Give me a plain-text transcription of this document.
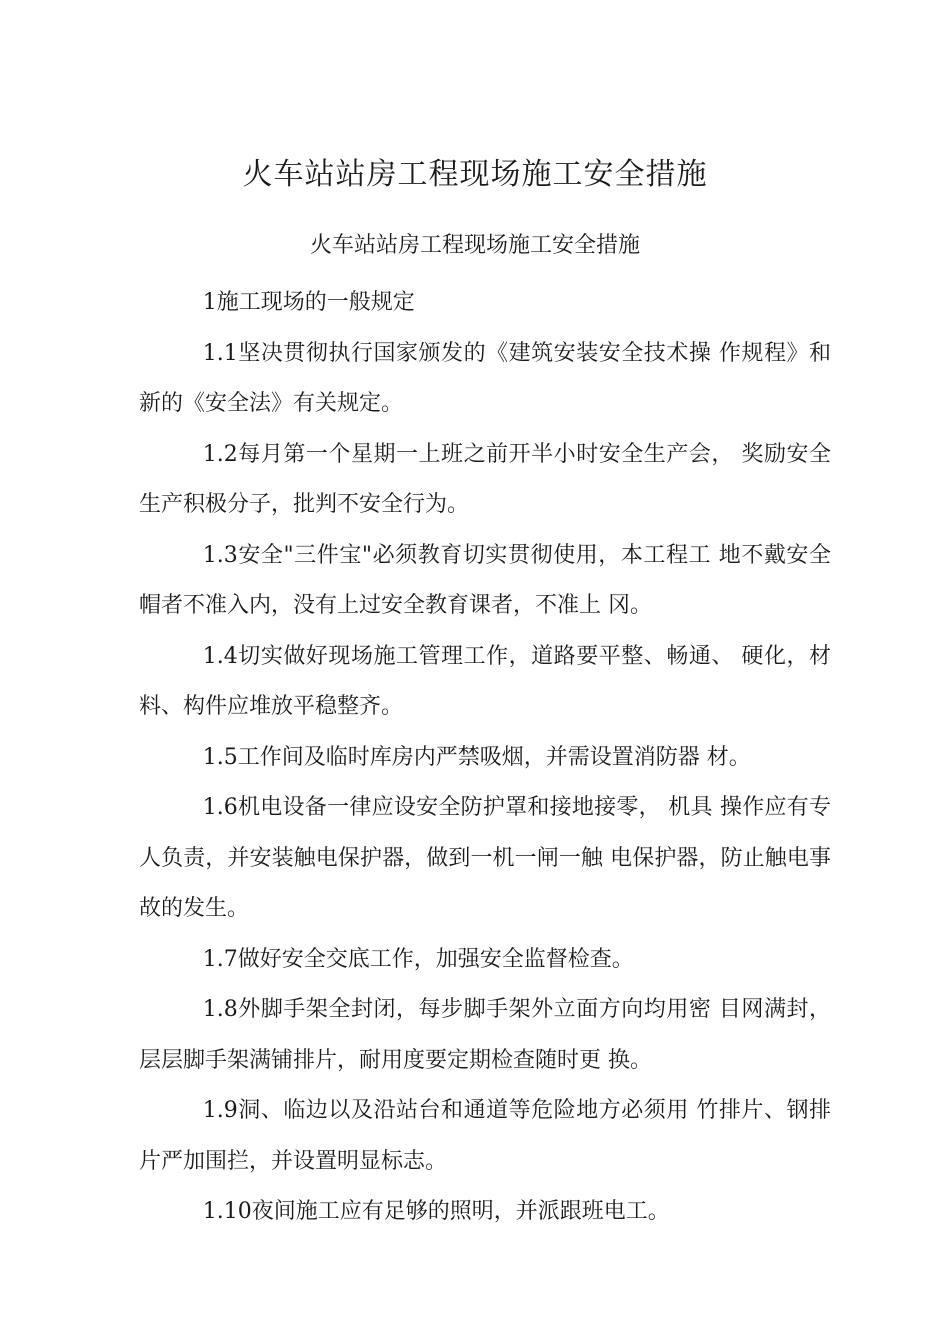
火车站站房工程现场施工安全措施
火车站站房工程现场施工安全措施

1施工现场的一般规定

1.1坚决贯彻执行国家颁发的《建筑安装安全技术操 作规程》和新的《安全法》有关规定。

1.2每月第一个星期一上班之前开半小时安全生产会， 奖励安全生产积极分子，批判不安全行为。

1.3安全"三件宝"必须教育切实贯彻使用，本工程工 地不戴安全帽者不准入内，没有上过安全教育课者，不准上 冈。

1.4切实做好现场施工管理工作，道路要平整、畅通、 硬化，材料、构件应堆放平稳整齐。

1.5工作间及临时库房内严禁吸烟，并需设置消防器 材。

1.6机电设备一律应设安全防护罩和接地接零， 机具 操作应有专人负责，并安装触电保护器，做到一机一闸一触 电保护器，防止触电事故的发生。

1.7做好安全交底工作，加强安全监督检查。

1.8外脚手架全封闭，每步脚手架外立面方向均用密 目网满封，层层脚手架满铺排片，耐用度要定期检查随时更 换。

1.9洞、临边以及沿站台和通道等危险地方必须用 竹排片、钢排片严加围拦，并设置明显标志。

1.10夜间施工应有足够的照明，并派跟班电工。
